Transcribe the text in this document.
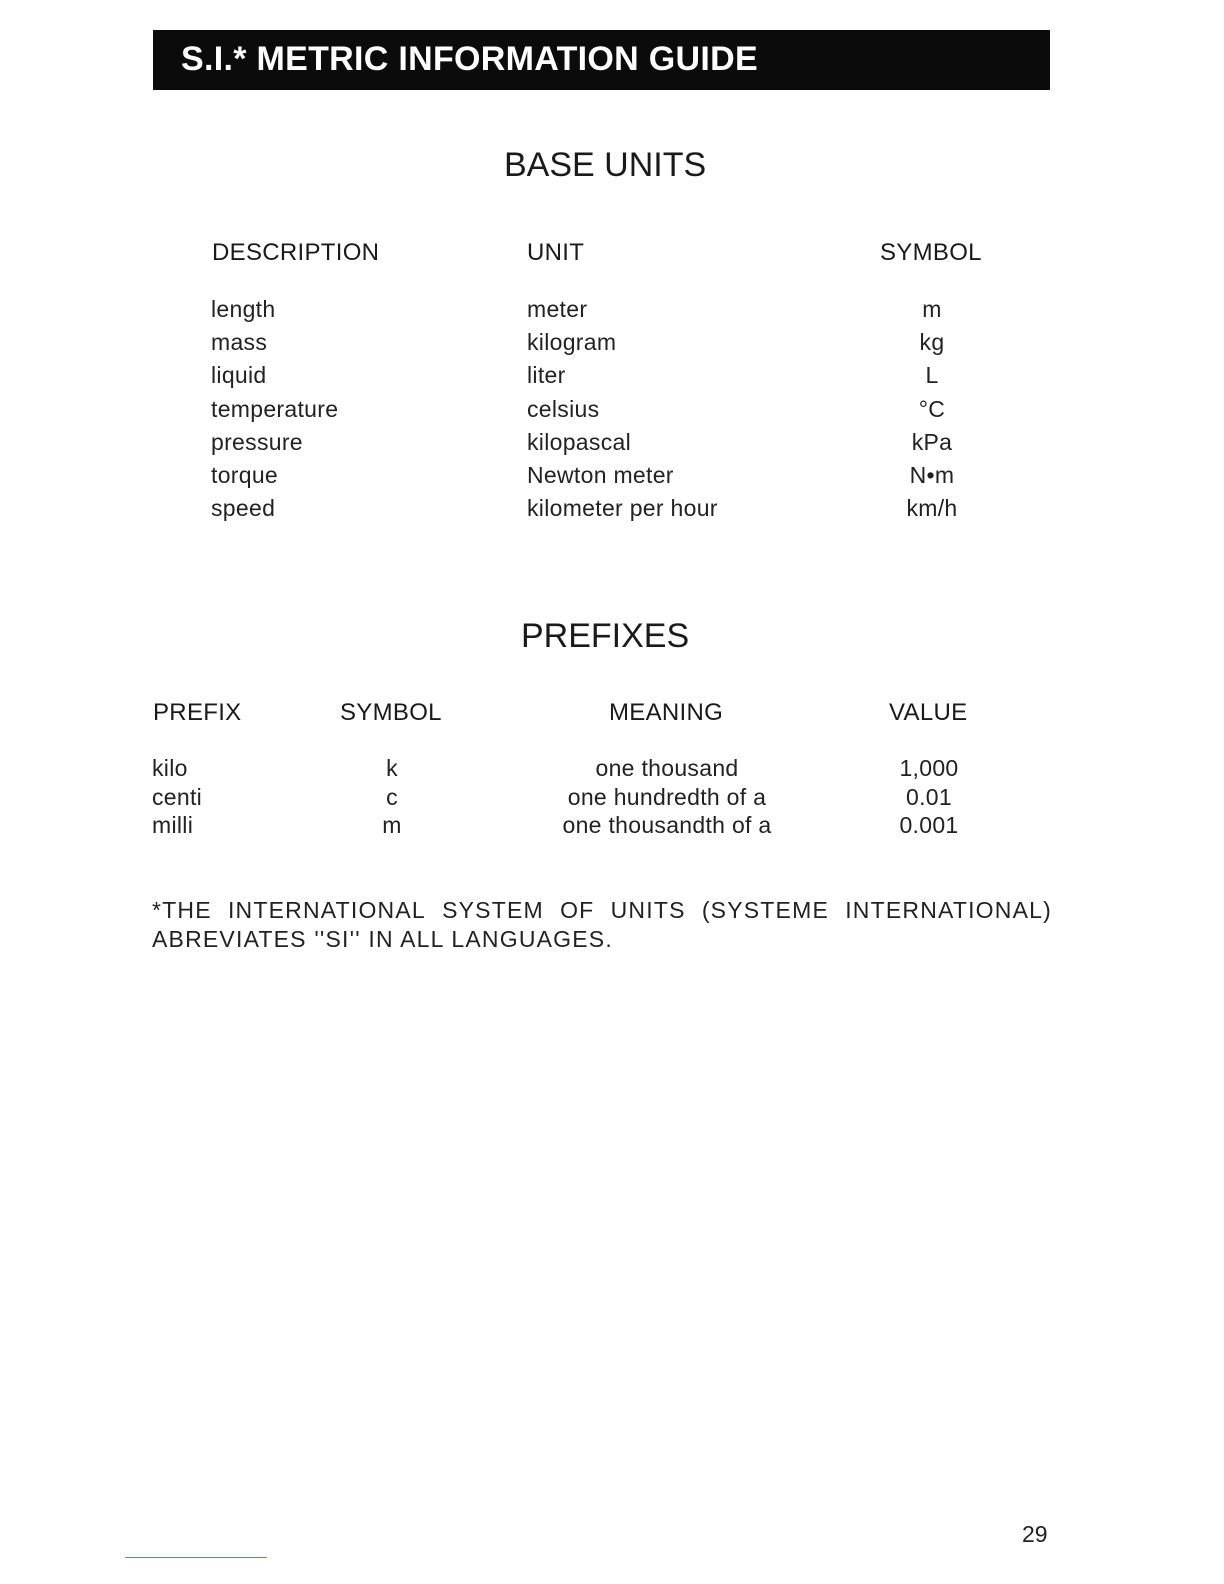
S.I.* METRIC INFORMATION GUIDE
BASE UNITS
DESCRIPTION	UNIT	SYMBOL
length	meter	m
mass	kilogram	kg
liquid	liter	L
temperature	celsius	°C
pressure	kilopascal	kPa
torque	Newton meter	N•m
speed	kilometer per hour	km/h
PREFIXES
PREFIX	SYMBOL	MEANING	VALUE
kilo	k	one thousand	1,000
centi	c	one hundredth of a	0.01
milli	m	one thousandth of a	0.001
*THE INTERNATIONAL SYSTEM OF UNITS (SYSTEME INTERNATIONAL)
ABREVIATES ''SI'' IN ALL LANGUAGES.
29
